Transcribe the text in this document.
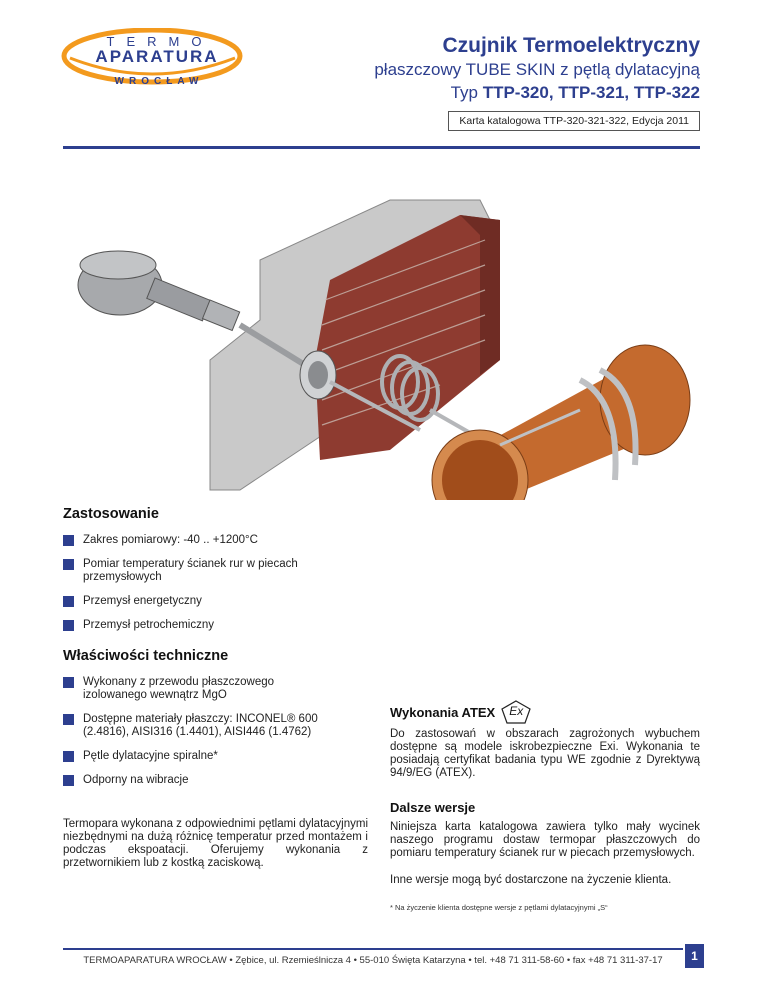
TERMO
APARATURA
WROCŁAW
Czujnik Termoelektryczny
płaszczowy TUBE SKIN z pętlą dylatacyjną
Typ TTP-320, TTP-321, TTP-322
Karta katalogowa TTP-320-321-322, Edycja 2011
Zastosowanie
Zakres pomiarowy: -40 .. +1200°C
Pomiar temperatury ścianek rur w piecach przemysłowych
Przemysł energetyczny
Przemysł petrochemiczny
Właściwości techniczne
Wykonany z przewodu płaszczowego izolowanego wewnątrz MgO
Dostępne materiały płaszczy: INCONEL® 600 (2.4816), AISI316 (1.4401), AISI446 (1.4762)
Pętle dylatacyjne spiralne*
Odporny na wibracje
Termopara wykonana z odpowiednimi pętlami dylatacyjnymi niezbędnymi na dużą różnicę temperatur przed montażem i podczas ekspoatacji. Oferujemy wykonania z przetwornikiem lub z kostką zaciskową.
Wykonania ATEX	Ex
Do zastosowań w obszarach zagrożonych wybuchem dostępne są modele iskrobezpieczne Exi. Wykonania te posiadają certyfikat badania typu WE zgodnie z Dyrektywą 94/9/EG (ATEX).
Dalsze wersje
Niniejsza karta katalogowa zawiera tylko mały wycinek naszego programu dostaw termopar płaszczowych do pomiaru temperatury ścianek rur w piecach przemysłowych.
Inne wersje mogą być dostarczone na życzenie klienta.
* Na życzenie klienta dostępne wersje z pętlami dylatacyjnymi „S“
TERMOAPARATURA WROCŁAW • Zębice, ul. Rzemieślnicza 4 • 55-010 Święta Katarzyna • tel. +48 71 311-58-60 • fax +48 71 311-37-17	1
